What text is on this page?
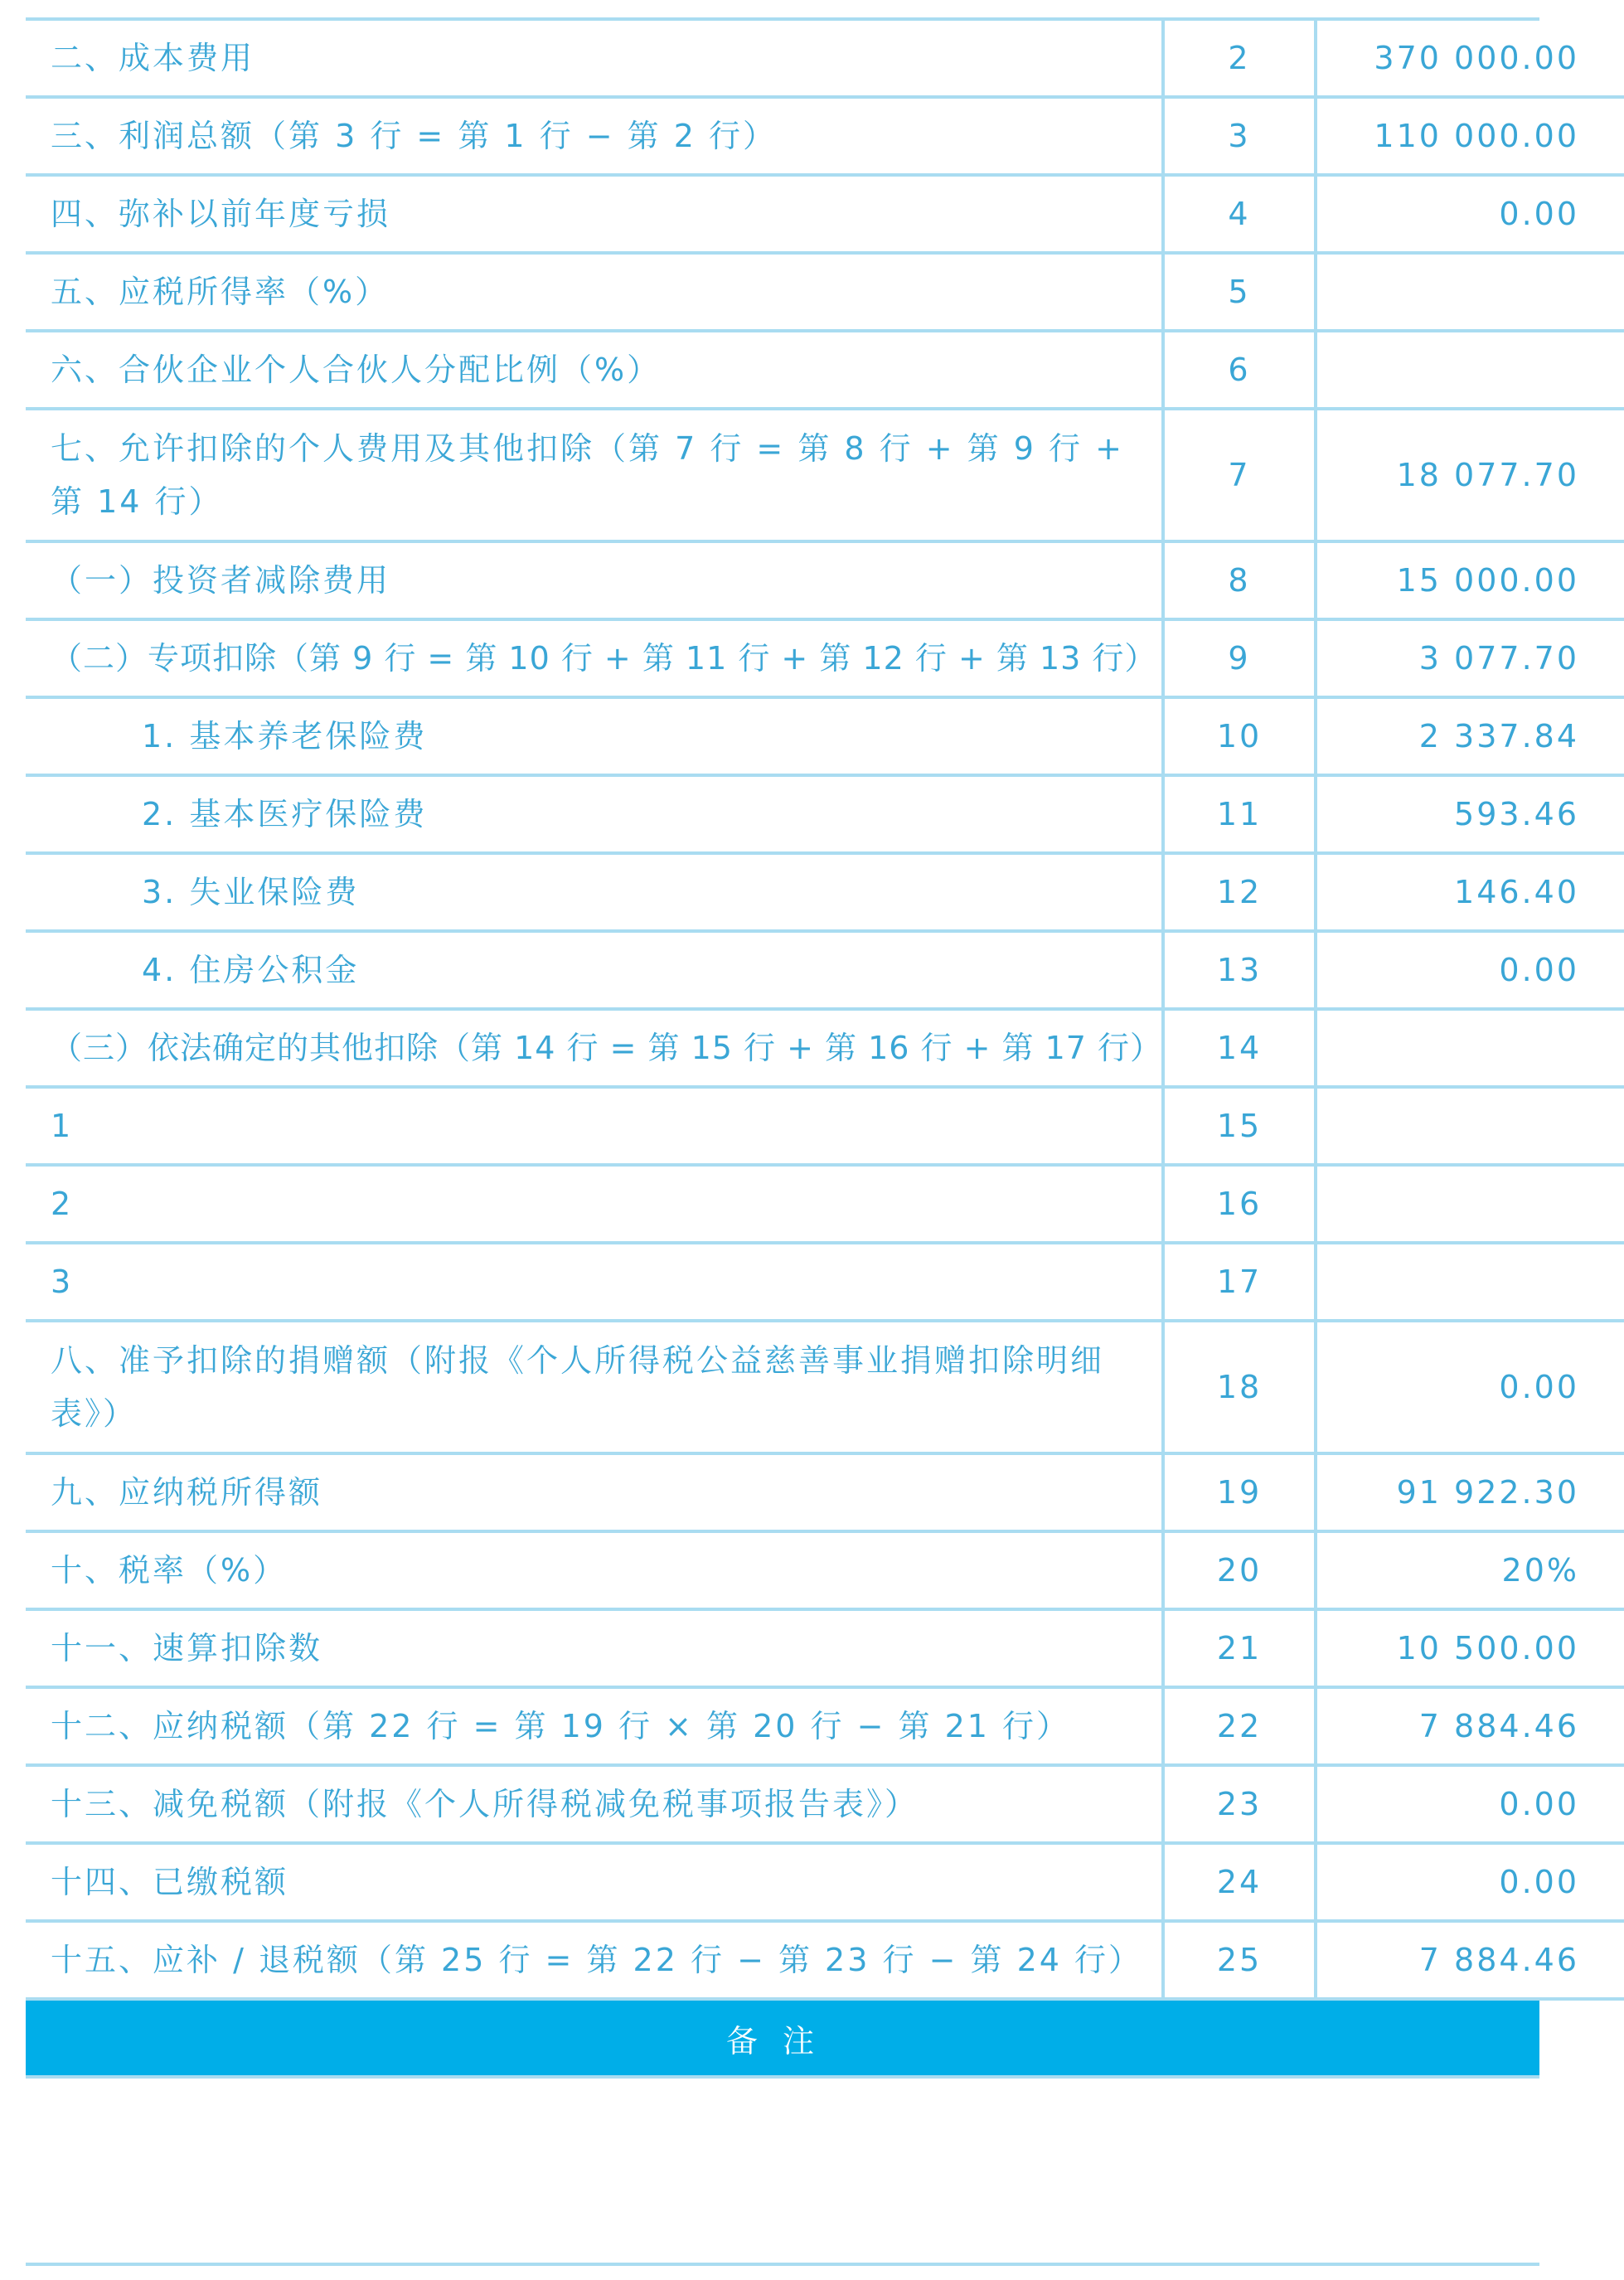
二、成本费用	2	370 000.00
三、利润总额（第 3 行 = 第 1 行 − 第 2 行）	3	110 000.00
四、弥补以前年度亏损	4	0.00
五、应税所得率（%）	5	
六、合伙企业个人合伙人分配比例（%）	6	
七、允许扣除的个人费用及其他扣除（第 7 行 = 第 8 行 + 第 9 行 + 第 14 行）	7	18 077.70
（一）投资者减除费用	8	15 000.00
（二）专项扣除（第 9 行 = 第 10 行 + 第 11 行 + 第 12 行 + 第 13 行）	9	3 077.70
1. 基本养老保险费	10	2 337.84
2. 基本医疗保险费	11	593.46
3. 失业保险费	12	146.40
4. 住房公积金	13	0.00
（三）依法确定的其他扣除（第 14 行 = 第 15 行 + 第 16 行 + 第 17 行）	14	
1	15	
2	16	
3	17	
八、准予扣除的捐赠额（附报《个人所得税公益慈善事业捐赠扣除明细表》）	18	0.00
九、应纳税所得额	19	91 922.30
十、税率（%）	20	20%
十一、速算扣除数	21	10 500.00
十二、应纳税额（第 22 行 = 第 19 行 × 第 20 行 − 第 21 行）	22	7 884.46
十三、减免税额（附报《个人所得税减免税事项报告表》）	23	0.00
十四、已缴税额	24	0.00
十五、应补 / 退税额（第 25 行 = 第 22 行 − 第 23 行 − 第 24 行）	25	7 884.46
备注
